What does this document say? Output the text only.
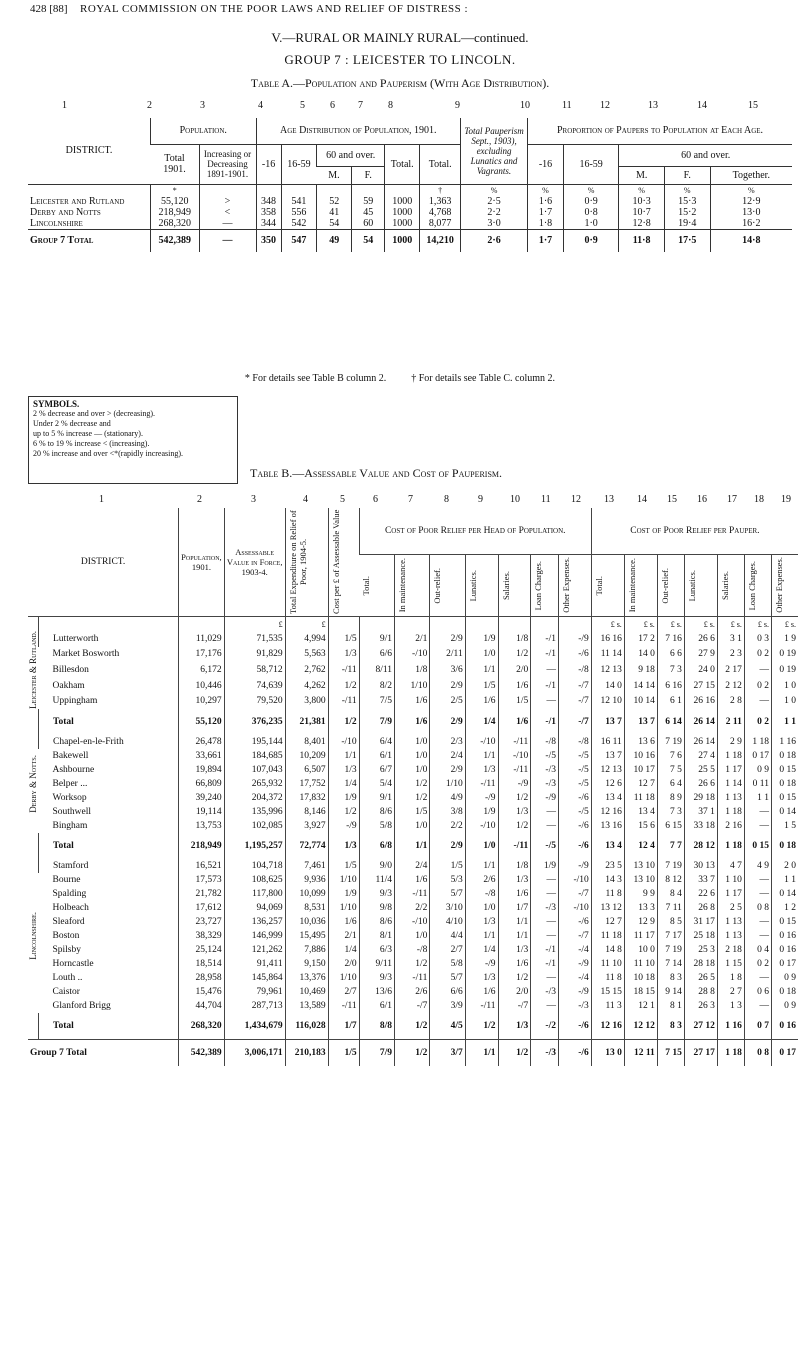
428 [88] ROYAL COMMISSION ON THE POOR LAWS AND RELIEF OF DISTRESS :
V.—RURAL OR MAINLY RURAL—continued.
GROUP 7 : LEICESTER TO LINCOLN.
Table A.—Population and Pauperism (With Age Distribution).
1	2	3	4	5	6 7	8	9	10	11	12	13	14	15
DISTRICT.	Population.		Age Distribution of Population, 1901.						Total Pauperism Sept., 1903), excluding Lunatics and Vagrants.	Proportion of Paupers to Population at Each Age.				
	Total 1901.	Increasing or Decreasing 1891-1901.	-16	16-59	60 and over.		Total.	Total.		-16	16-59	60 and over.		
					M.	F.						M.	F.	Together.
	*							†	%	%	%	%	%	%
Leicester and Rutland	55,120	>	348	541	52	59	1000	1,363	2·5	1·6	0·9	10·3	15·3	12·9
Derby and Notts	218,949	<	358	556	41	45	1000	4,768	2·2	1·7	0·8	10·7	15·2	13·0
Lincolnshire	268,320	—	344	542	54	60	1000	8,077	3·0	1·8	1·0	12·8	19·4	16·2
Group 7 Total	542,389	—	350	547	49	54	1000	14,210	2·6	1·7	0·9	11·8	17·5	14·8
* For details see Table B column 2.          † For details see Table C. column 2.
SYMBOLS.
2 % decrease and over > (decreasing).
Under 2 % decrease and
up to 5 % increase — (stationary).
6 % to 19 % increase < (increasing).
20 % increase and over <*(rapidly increasing).
Table B.—Assessable Value and Cost of Pauperism.
1	2	3	4	5	6	7	8	9	10 11 12 13 14 15 16 17 18 19
DISTRICT.		Population, 1901.	Assessable Value in Force, 1903-4.	Total Expenditure on Relief of Poor, 1904-5.	Cost per £ of Assessable Value	Cost of Poor Relief per Head of Population.							Cost of Poor Relief per Pauper.						

						Total.	In maintenance.	Out-relief.	Lunatics.	Salaries.	Loan Charges.	Other Expenses.	Total.	In maintenance.	Out-relief.	Lunatics.	Salaries.	Loan Charges.	Other Expenses.

			£	£									£ s.	£ s.	£ s.	£ s.	£ s.	£ s.	£ s.

Leicester & Rutland.	Lutterworth	11,029	71,535	4,994	1/5	9/1	2/1	2/9	1/9	1/8	-/1	-/9	16 16	17 2	7 16	26 6	3 1	0 3	1 9
	Market Bosworth	17,176	91,829	5,563	1/3	6/6	-/10	2/11	1/0	1/2	-/1	-/6	11 14	14 0	6 6	27 9	2 3	0 2	0 19
	Billesdon	6,172	58,712	2,762	-/11	8/11	1/8	3/6	1/1	2/0	—	-/8	12 13	9 18	7 3	24 0	2 17	—	0 19
	Oakham	10,446	74,639	4,262	1/2	8/2	1/10	2/9	1/5	1/6	-/1	-/7	14 0	14 14	6 16	27 15	2 12	0 2	1 0
	Uppingham	10,297	79,520	3,800	-/11	7/5	1/6	2/5	1/6	1/5	—	-/7	12 10	10 14	6 1	26 16	2 8	—	1 0
	Total	55,120	376,235	21,381	1/2	7/9	1/6	2/9	1/4	1/6	-/1	-/7	13 7	13 7	6 14	26 14	2 11	0 2	1 1

Derby & Notts.	Chapel-en-le-Frith	26,478	195,144	8,401	-/10	6/4	1/0	2/3	-/10	-/11	-/8	-/8	16 11	13 6	7 19	26 14	2 9	1 18	1 16
	Bakewell	33,661	184,685	10,209	1/1	6/1	1/0	2/4	1/1	-/10	-/5	-/5	13 7	10 16	7 6	27 4	1 18	0 17	0 18
	Ashbourne	19,894	107,043	6,507	1/3	6/7	1/0	2/9	1/3	-/11	-/3	-/5	12 13	10 17	7 5	25 5	1 17	0 9	0 15
	Belper ...	66,809	265,932	17,752	1/4	5/4	1/2	1/10	-/11	-/9	-/3	-/5	12 6	12 7	6 4	26 6	1 14	0 11	0 18
	Worksop	39,240	204,372	17,832	1/9	9/1	1/2	4/9	-/9	1/2	-/9	-/6	13 4	11 18	8 9	29 18	1 13	1 1	0 15
	Southwell	19,114	135,996	8,146	1/2	8/6	1/5	3/8	1/9	1/3	—	-/5	12 16	13 4	7 3	37 1	1 18	—	0 14
	Bingham	13,753	102,085	3,927	-/9	5/8	1/0	2/2	-/10	1/2	—	-/6	13 16	15 6	6 15	33 18	2 16	—	1 5
	Total	218,949	1,195,257	72,774	1/3	6/8	1/1	2/9	1/0	-/11	-/5	-/6	13 4	12 4	7 7	28 12	1 18	0 15	0 18

Lincolnshire.	Stamford	16,521	104,718	7,461	1/5	9/0	2/4	1/5	1/1	1/8	1/9	-/9	23 5	13 10	7 19	30 13	4 7	4 9	2 0
	Bourne	17,573	108,625	9,936	1/10	11/4	1/6	5/3	2/6	1/3	—	-/10	14 3	13 10	8 12	33 7	1 10	—	1 1
	Spalding	21,782	117,800	10,099	1/9	9/3	-/11	5/7	-/8	1/6	—	-/7	11 8	9 9	8 4	22 6	1 17	—	0 14
	Holbeach	17,612	94,069	8,531	1/10	9/8	2/2	3/10	1/0	1/7	-/3	-/10	13 12	13 3	7 11	26 8	2 5	0 8	1 2
	Sleaford	23,727	136,257	10,036	1/6	8/6	-/10	4/10	1/3	1/1	—	-/6	12 7	12 9	8 5	31 17	1 13	—	0 15
	Boston	38,329	146,999	15,495	2/1	8/1	1/0	4/4	1/1	1/1	—	-/7	11 18	11 17	7 17	25 18	1 13	—	0 16
	Spilsby	25,124	121,262	7,886	1/4	6/3	-/8	2/7	1/4	1/3	-/1	-/4	14 8	10 0	7 19	25 3	2 18	0 4	0 16
	Horncastle	18,514	91,411	9,150	2/0	9/11	1/2	5/8	-/9	1/6	-/1	-/9	11 10	11 10	7 14	28 18	1 15	0 2	0 17
	Louth ..	28,958	145,864	13,376	1/10	9/3	-/11	5/7	1/3	1/2	—	-/4	11 8	10 18	8 3	26 5	1 8	—	0 9
	Caistor	15,476	79,961	10,469	2/7	13/6	2/6	6/6	1/6	2/0	-/3	-/9	15 15	18 15	9 14	28 8	2 7	0 6	0 18
	Glanford Brigg	44,704	287,713	13,589	-/11	6/1	-/7	3/9	-/11	-/7	—	-/3	11 3	12 1	8 1	26 3	1 3	—	0 9
	Total	268,320	1,434,679	116,028	1/7	8/8	1/2	4/5	1/2	1/3	-/2	-/6	12 16	12 12	8 3	27 12	1 16	0 7	0 16
Group 7 Total		542,389	3,006,171	210,183	1/5	7/9	1/2	3/7	1/1	1/2	-/3	-/6	13 0	12 11	7 15	27 17	1 18	0 8	0 17
